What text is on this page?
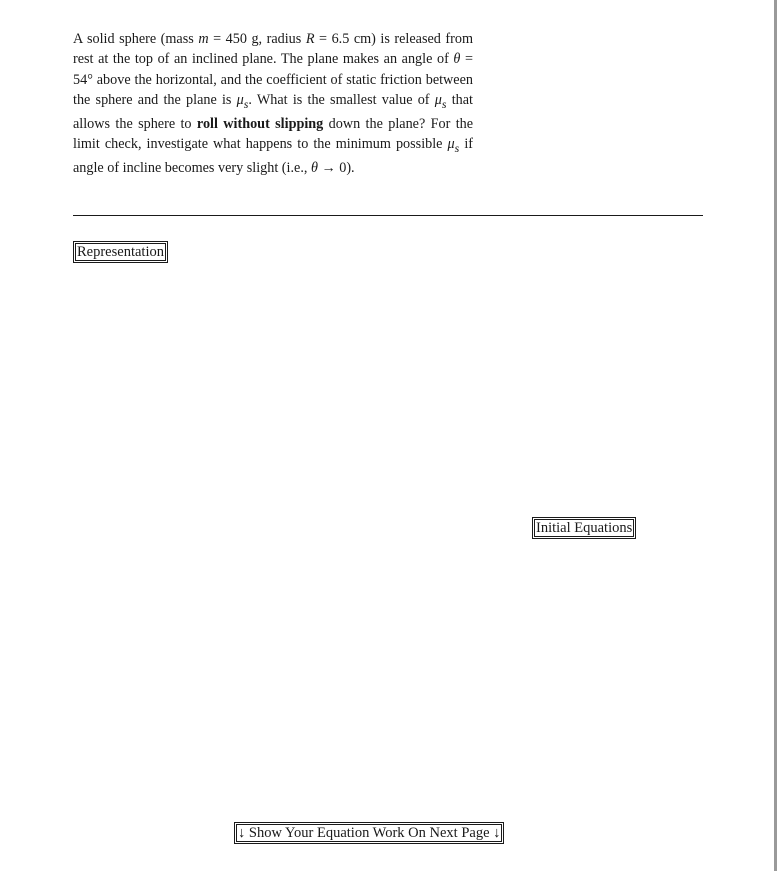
A solid sphere (mass m = 450 g, radius R = 6.5 cm) is released from rest at the top of an inclined plane. The plane makes an angle of θ = 54° above the horizontal, and the coefficient of static friction between the sphere and the plane is $\mu_s$. What is the smallest value of $\mu_s$ that allows the sphere to roll without slipping down the plane? For the limit check, investigate what happens to the minimum possible $\mu_s$ if angle of incline becomes very slight (i.e., θ → 0).
Representation
Initial Equations
↓ Show Your Equation Work On Next Page ↓
